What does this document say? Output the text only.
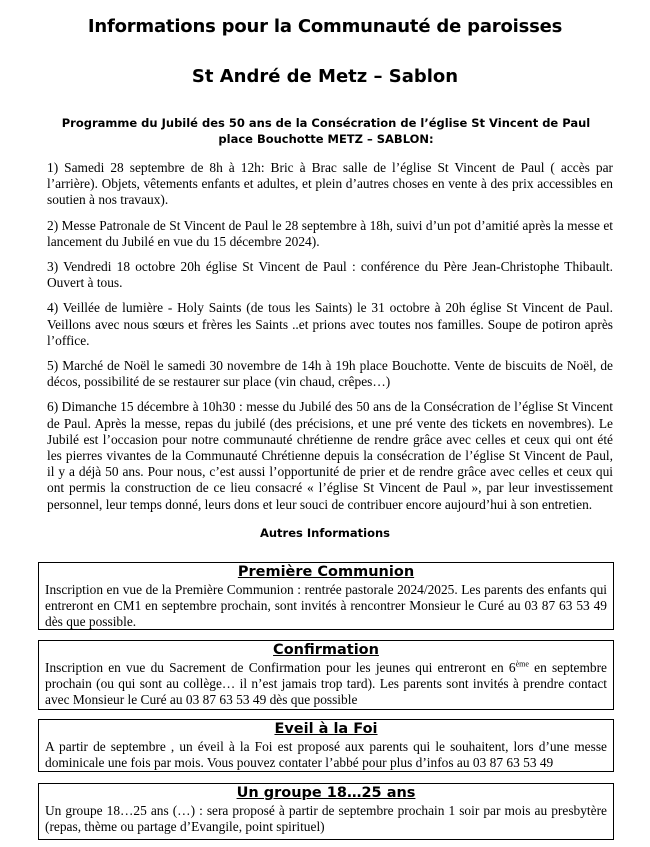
Informations pour la Communauté de paroisses
St André de Metz – Sablon
Programme du Jubilé des 50 ans de la Consécration de l’église St Vincent de Paul
place Bouchotte METZ – SABLON:

1) Samedi 28 septembre de 8h à 12h: Bric à Brac salle de l’église St Vincent de Paul ( accès par l’arrière). Objets, vêtements enfants et adultes, et plein d’autres choses en vente à des prix accessibles en soutien à nos travaux).

2) Messe Patronale de St Vincent de Paul le 28 septembre à 18h, suivi d’un pot d’amitié après la messe et lancement du Jubilé en vue du 15 décembre 2024).

3) Vendredi 18 octobre 20h église St Vincent de Paul : conférence du Père Jean-Christophe Thibault. Ouvert à tous.

4) Veillée de lumière - Holy Saints (de tous les Saints) le 31 octobre à 20h église St Vincent de Paul. Veillons avec nous sœurs et frères les Saints ..et prions avec toutes nos familles. Soupe de potiron après l’office.

5) Marché de Noël le samedi 30 novembre de 14h à 19h place Bouchotte. Vente de biscuits de Noël, de décos, possibilité de se restaurer sur place (vin chaud, crêpes…)

6) Dimanche 15 décembre à 10h30 : messe du Jubilé des 50 ans de la Consécration de l’église St Vincent de Paul. Après la messe, repas du jubilé (des précisions, et une pré vente des tickets en novembres). Le Jubilé est l’occasion pour notre communauté chrétienne de rendre grâce avec celles et ceux qui ont été les pierres vivantes de la Communauté Chrétienne depuis la consécration de l’église St Vincent de Paul, il y a déjà 50 ans. Pour nous, c’est aussi l’opportunité de prier et de rendre grâce avec celles et ceux qui ont permis la construction de ce lieu consacré « l’église St Vincent de Paul », par leur investissement personnel, leur temps donné, leurs dons et leur souci de contribuer encore aujourd’hui à son entretien.

Autres Informations
Première Communion
Inscription en vue de la Première Communion : rentrée pastorale 2024/2025. Les parents des enfants qui entreront en CM1 en septembre prochain, sont invités à rencontrer Monsieur le Curé au 03 87 63 53 49 dès que possible.
Confirmation
Inscription en vue du Sacrement de Confirmation pour les jeunes qui entreront en 6ème en septembre prochain (ou qui sont au collège… il n’est jamais trop tard). Les parents sont invités à prendre contact avec Monsieur le Curé au 03 87 63 53 49 dès que possible
Eveil à la Foi
A partir de septembre , un éveil à la Foi est proposé aux parents qui le souhaitent, lors d’une messe dominicale une fois par mois. Vous pouvez contater l’abbé pour plus d’infos au 03 87 63 53 49
Un groupe 18…25 ans
Un groupe 18…25 ans (…) : sera proposé à partir de septembre prochain 1 soir par mois au presbytère (repas, thème ou partage d’Evangile, point spirituel)
